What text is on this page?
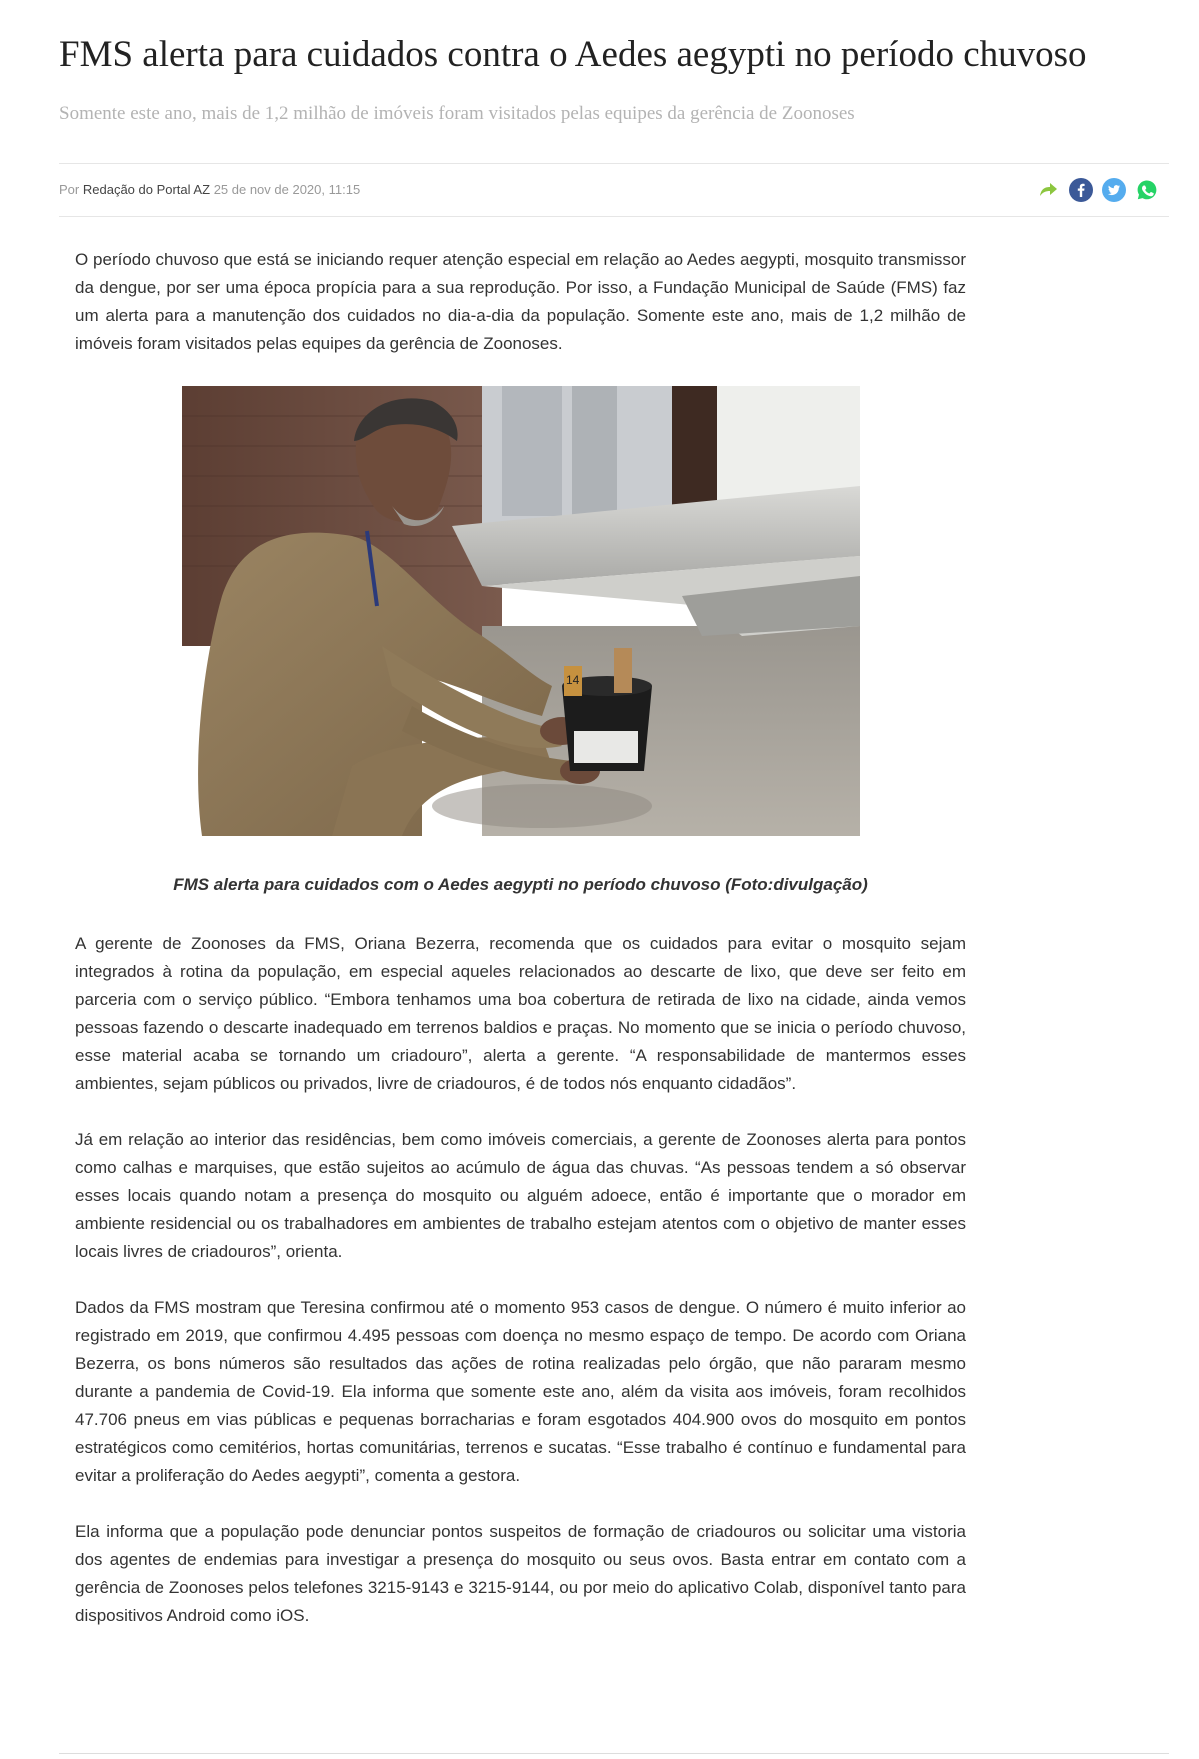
FMS alerta para cuidados contra o Aedes aegypti no período chuvoso

Somente este ano, mais de 1,2 milhão de imóveis foram visitados pelas equipes da gerência de Zoonoses

Por Redação do Portal AZ 25 de nov de 2020, 11:15

O período chuvoso que está se iniciando requer atenção especial em relação ao Aedes aegypti, mosquito transmissor da dengue, por ser uma época propícia para a sua reprodução. Por isso, a Fundação Municipal de Saúde (FMS) faz um alerta para a manutenção dos cuidados no dia-a-dia da população. Somente este ano, mais de 1,2 milhão de imóveis foram visitados pelas equipes da gerência de Zoonoses.

14

FMS alerta para cuidados com o Aedes aegypti no período chuvoso (Foto:divulgação)

A gerente de Zoonoses da FMS, Oriana Bezerra, recomenda que os cuidados para evitar o mosquito sejam integrados à rotina da população, em especial aqueles relacionados ao descarte de lixo, que deve ser feito em parceria com o serviço público. “Embora tenhamos uma boa cobertura de retirada de lixo na cidade, ainda vemos pessoas fazendo o descarte inadequado em terrenos baldios e praças. No momento que se inicia o período chuvoso, esse material acaba se tornando um criadouro”, alerta a gerente. “A responsabilidade de mantermos esses ambientes, sejam públicos ou privados, livre de criadouros, é de todos nós enquanto cidadãos”.

Já em relação ao interior das residências, bem como imóveis comerciais, a gerente de Zoonoses alerta para pontos como calhas e marquises, que estão sujeitos ao acúmulo de água das chuvas. “As pessoas tendem a só observar esses locais quando notam a presença do mosquito ou alguém adoece, então é importante que o morador em ambiente residencial ou os trabalhadores em ambientes de trabalho estejam atentos com o objetivo de manter esses locais livres de criadouros”, orienta.

Dados da FMS mostram que Teresina confirmou até o momento 953 casos de dengue. O número é muito inferior ao registrado em 2019, que confirmou 4.495 pessoas com doença no mesmo espaço de tempo. De acordo com Oriana Bezerra, os bons números são resultados das ações de rotina realizadas pelo órgão, que não pararam mesmo durante a pandemia de Covid-19. Ela informa que somente este ano, além da visita aos imóveis, foram recolhidos 47.706 pneus em vias públicas e pequenas borracharias e foram esgotados 404.900 ovos do mosquito em pontos estratégicos como cemitérios, hortas comunitárias, terrenos e sucatas. “Esse trabalho é contínuo e fundamental para evitar a proliferação do Aedes aegypti”, comenta a gestora.

Ela informa que a população pode denunciar pontos suspeitos de formação de criadouros ou solicitar uma vistoria dos agentes de endemias para investigar a presença do mosquito ou seus ovos. Basta entrar em contato com a gerência de Zoonoses pelos telefones 3215-9143 e 3215-9144, ou por meio do aplicativo Colab, disponível tanto para dispositivos Android como iOS.
